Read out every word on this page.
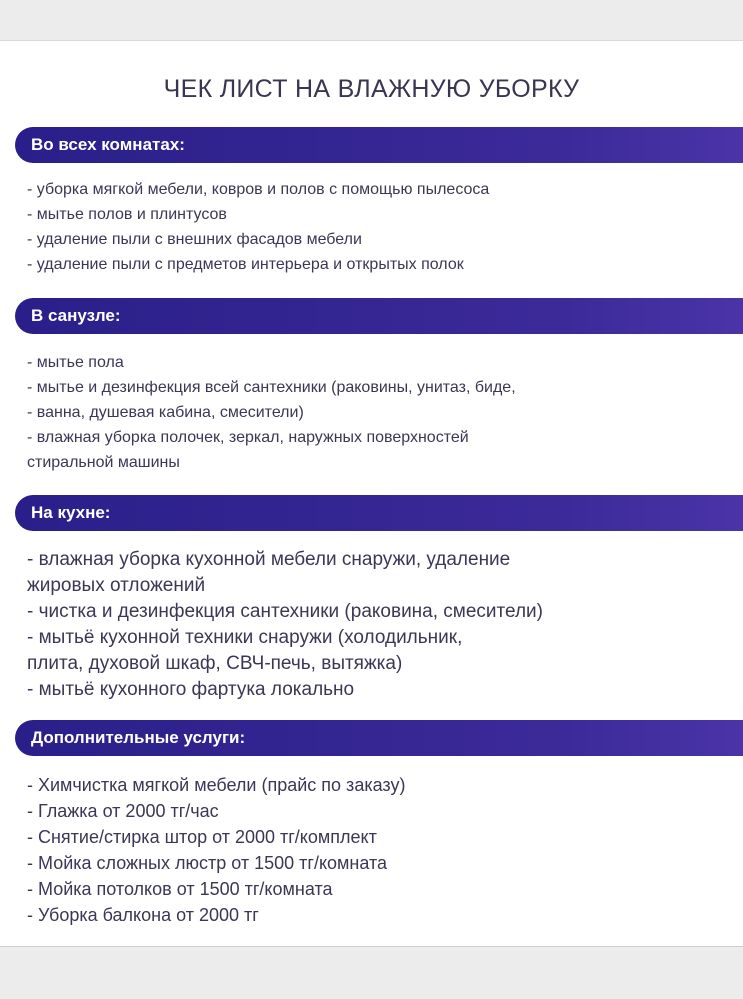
ЧЕК ЛИСТ НА ВЛАЖНУЮ УБОРКУ
Во всех комнатах:
- уборка мягкой мебели, ковров и полов с помощью пылесоса
- мытье полов и плинтусов
- удаление пыли с внешних фасадов мебели
- удаление пыли с предметов интерьера и открытых полок
В санузле:
- мытье пола
- мытье и дезинфекция всей сантехники (раковины, унитаз, биде,
- ванна, душевая кабина, смесители)
- влажная уборка полочек, зеркал, наружных поверхностей
стиральной машины
На кухне:
- влажная уборка кухонной мебели снаружи, удаление
жировых отложений
- чистка и дезинфекция сантехники (раковина, смесители)
- мытьё кухонной техники снаружи (холодильник,
плита, духовой шкаф, СВЧ-печь, вытяжка)
- мытьё кухонного фартука локально
Дополнительные услуги:
- Химчистка мягкой мебели (прайс по заказу)
- Глажка от 2000 тг/час
- Снятие/стирка штор от 2000 тг/комплект
- Мойка сложных люстр от 1500 тг/комната
- Мойка потолков от 1500 тг/комната
- Уборка балкона от 2000 тг
